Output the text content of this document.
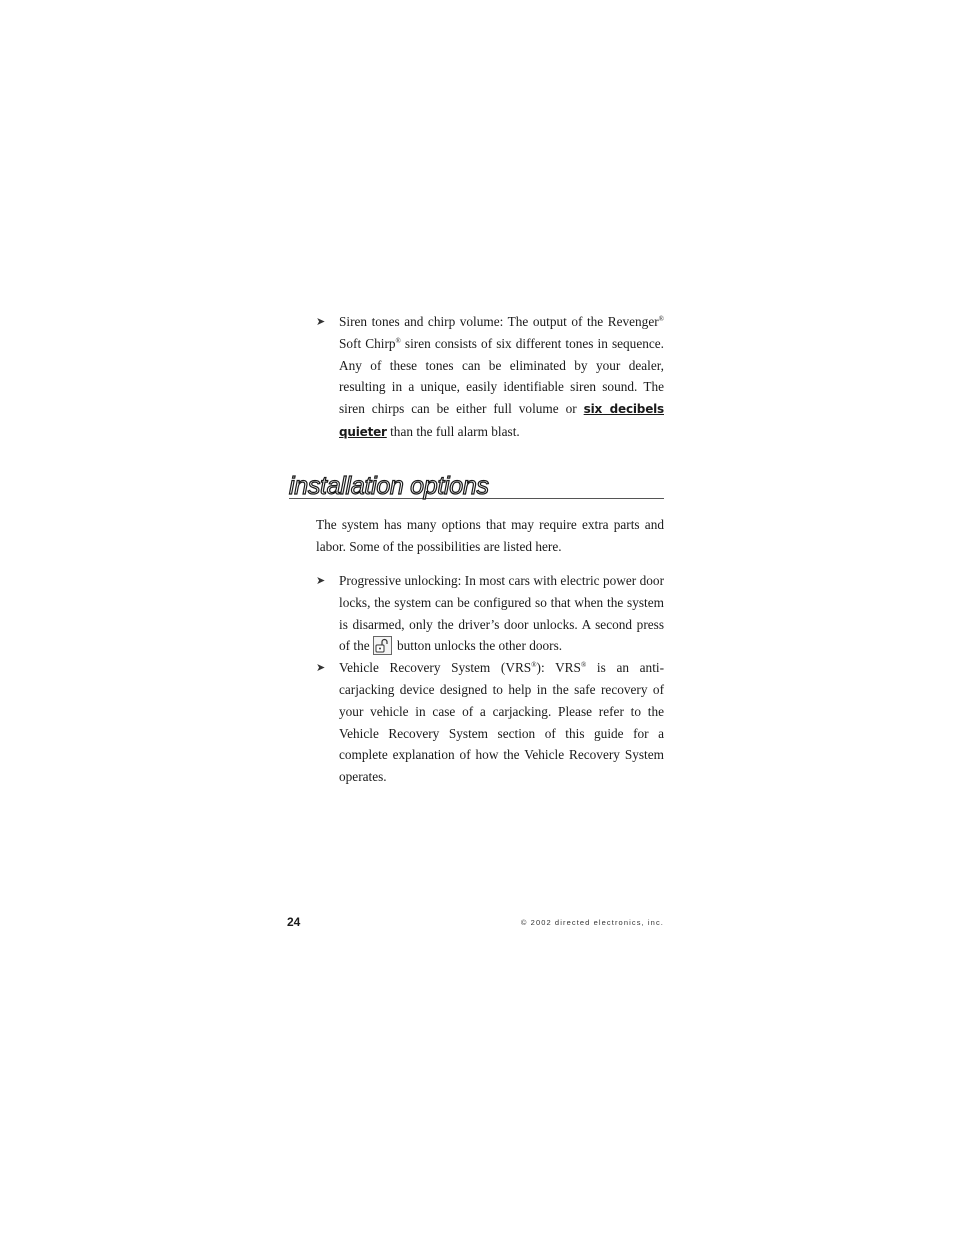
➤ Siren tones and chirp volume: The output of the Revenger® Soft Chirp® siren consists of six different tones in sequence. Any of these tones can be eliminated by your dealer, resulting in a unique, easily identifiable siren sound. The siren chirps can be either full volume or six decibels quieter than the full alarm blast.
installation options
The system has many options that may require extra parts and labor. Some of the possibilities are listed here.
➤ Progressive unlocking: In most cars with electric power door locks, the system can be configured so that when the system is disarmed, only the driver’s door unlocks. A second press of the
button unlocks the other doors.
➤ Vehicle Recovery System (VRS®): VRS® is an anti-carjacking device designed to help in the safe recovery of your vehicle in case of a carjacking. Please refer to the Vehicle Recovery System section of this guide for a complete explanation of how the Vehicle Recovery System operates.
24	© 2002 directed electronics, inc.
